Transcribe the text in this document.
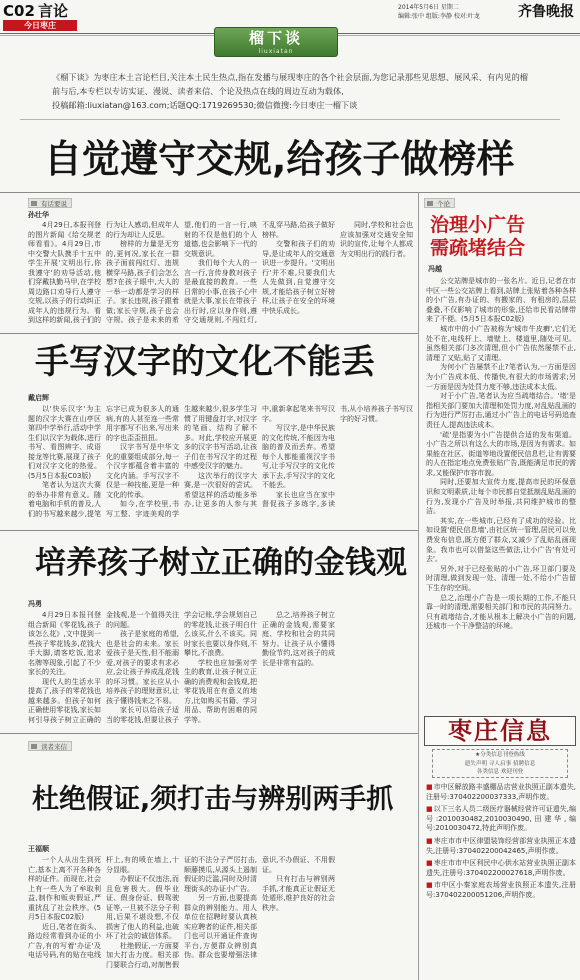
C02 言论
今日枣庄
2014年5月6日 星期二
编辑:张中 组版:李静 校对:叶龙	齐鲁晚报
榴下谈
liuxiatan
《榴下谈》为枣庄本土言论栏目,关注本土民生热点,指在发播与展现枣庄的各个社会层面,为您记录那些见思想、展风采、有内见的榴前与后,本专栏以专访实证、漫说、读者来信、个论及热点在线的周边互动为载体,
投稿邮箱:liuxiatan@163.com;话题QQ:1719269530;微信微搜:今日枣庄一榴下谈
自觉遵守交规,给孩子做榜样
有话要说
孙壮华

4月29日,本报刊登的图片新闻《给交规老师看看》。4月29日,市中交警大队携手十五中学生开展'文明出行,你我遵守'的劝导活动,他们穿戴执勤马甲,在学校周边路口劝导行人遵守交规,以孩子的行动纠正成年人的违规行为。看到这样的新闻,孩子们的行为让人感动,但成年人的行为却让人反思。

榜样的力量是无穷的,更何况,家长在一群孩子面前闯红灯、违规横穿马路,孩子们会怎么想?在孩子眼中,大人的一举一动都是学习的样子。家长违规,孩子跟着做;家长守规,孩子也会守规。孩子是未来的希望,他们的一言一行,映射的不仅是他们的个人道德,也会影响下一代的交规意识。

我们每个大人的一言一行,言传身教对孩子是最直接的教育。一些日常的小事,在孩子心中就是大事,家长在带孩子出行时,应以身作则,遵守交通规则,不闯红灯,不乱穿马路,给孩子做好榜样。

交警和孩子们的劝导,是让成年人的交通意识进一步提升。'文明出行'并不难,只要我们大人先做到,自觉遵守交规,才能给孩子树立好榜样,让孩子在安全的环境中快乐成长。

同时,学校和社会也应该加强对交通安全知识的宣传,让每个人都成为文明出行的践行者。

手写汉字的文化不能丢
戴启辉

以'快乐汉字'为主题的汉字大赛在山亭区第四中学举行,活动中学生们以汉字为载体,进行书写、看图辨字、成语接龙等比赛,展现了孩子们对汉字文化的热爱。(5月5日本报C03版)

笔者认为这次大赛的举办非常有意义。随着电脑和手机的普及,人们的书写越来越少,提笔忘字已成为很多人的通病,有的人甚至连一些常用字都写不出来,写出来的字也歪歪扭扭。

汉字书写是中华文化的重要组成部分,每一个汉字都蕴含着丰富的文化内涵。手写汉字不仅是一种技能,更是一种文化的传承。

如今,在学校里,书写工整、字迹美观的学生越来越少,很多学生习惯了用键盘打字,对汉字的笔画、结构了解不多。对此,学校应开展更多的汉字书写活动,让孩子们在书写汉字的过程中感受汉字的魅力。

这次举行的汉字大赛,是一次很好的尝试。希望这样的活动能多举办,让更多的人参与其中,重新拿起笔来书写汉字。

写汉字,是中华民族的文化传统,不能因为电脑的普及而丢弃。希望每个人都能重视汉字书写,让手写汉字的文化传承下去,手写汉字的文化不能丢。

家长也应当在家中督促孩子多练字,多读书,从小培养孩子书写汉字的好习惯。

培养孩子树立正确的金钱观
冯勇

4月29日本报刊登组合新闻《零花钱,孩子该怎么花》,文中提到一些孩子零花钱多,花钱大手大脚,请客吃饭,追求名牌等现象,引起了不少家长的关注。

现代人的生活水平提高了,孩子的零花钱也越来越多。但孩子如何正确使用零花钱,家长如何引导孩子树立正确的金钱观,是一个值得关注的问题。

孩子是家庭的希望,也是社会的未来。家长爱孩子是天性,但不能溺爱,对孩子的要求有求必应,会让孩子养成乱花钱的坏习惯。家长应从小培养孩子的理财意识,让孩子懂得钱来之不易。

家长可以给孩子适当的零花钱,但要让孩子学会记账,学会规划自己的零花钱,让孩子明白什么该买,什么不该买。同时家长也要以身作则,不攀比,不浪费。

学校也应加强对学生的教育,让孩子树立正确的消费观和金钱观,把零花钱用在有意义的地方,比如购买书籍、学习用品、帮助有困难的同学等。

总之,培养孩子树立正确的金钱观,需要家庭、学校和社会的共同努力。让孩子从小懂得勤俭节约,这对孩子的成长是非常有益的。

读者来信
杜绝假证,须打击与辨别两手抓
王福顺

一个人从出生到死亡,基本上离不开各种各样的证件。而现在,社会上有一些人为了牟取利益,制作和贩卖假证,严重扰乱了社会秩序。(5月5日本报C02版)

近日,笔者在街头、路边经常看到办证的小广告,有的写着'办证'及电话号码,有的贴在电线杆上,有的喷在墙上,十分显眼。

办假证不仅违法,而且危害极大。假毕业证、假身份证、假驾驶证等,一旦被不法分子利用,后果不堪设想,不仅损害了他人的利益,也破坏了社会的诚信体系。

杜绝假证,一方面要加大打击力度。相关部门要联合行动,对制售假证的不法分子严厉打击,顺藤摸瓜,从源头上遏制假证的泛滥,同时及时清理街头的办证小广告。

另一方面,也要提高群众的辨别能力。用人单位在招聘时要认真核实应聘者的证件,相关部门也可以开通证件查询平台,方便群众辨别真伪。群众也要增强法律意识,不办假证、不用假证。

只有打击与辨别两手抓,才能真正让假证无处遁形,维护良好的社会秩序。

个论
治理小广告
需疏堵结合
冯越

公交站牌是城市的一张名片。近日,记者在市中区一些公交站牌上看到,站牌上张贴着各种各样的小广告,有办证的、有搬家的、有租房的,层层叠叠,不仅影响了城市的形象,还给市民看站牌带来了不便。(5月5日本报C02版)

城市中的小广告被称为'城市牛皮癣',它们无处不在,电线杆上、墙壁上、楼道里,随处可见。虽然相关部门多次清理,但小广告依然屡禁不止,清理了又贴,贴了又清理。

为何小广告屡禁不止?笔者认为,一方面是因为小广告成本低、传播快,有很大的市场需求;另一方面是因为处罚力度不够,违法成本太低。

对于小广告,笔者认为应当疏堵结合。'堵'是指相关部门要加大清理和处罚力度,对乱贴乱画的行为进行严厉打击,通过小广告上的电话号码追查责任人,提高违法成本。

'疏'是指要为小广告提供合适的发布渠道。小广告之所以有这么大的市场,是因为有需求。如果能在社区、街道等地设置便民信息栏,让有需要的人在指定地点免费张贴广告,既能满足市民的需求,又能保护市容市貌。

同时,还要加大宣传力度,提高市民的环保意识和文明素质,让每个市民都自觉抵制乱贴乱画的行为,发现小广告及时举报,共同维护城市的整洁。

其实,在一些城市,已经有了成功的经验。比如设置'便民信息墙',由社区统一管理,居民可以免费发布信息,既方便了群众,又减少了乱贴乱画现象。我市也可以借鉴这些做法,让小广告'有处可去'。

另外,对于已经张贴的小广告,环卫部门要及时清理,做到发现一处、清理一处,不给小广告留下生存的空间。

总之,治理小广告是一项长期的工作,不能只靠一时的清理,需要相关部门和市民的共同努力。只有疏堵结合,才能从根本上解决小广告的问题,还城市一个干净整洁的环境。

枣庄信息
★分类信息刊登热线
遗失声明 寻人启事 招聘信息
各类信息 欢迎刊登
■市中区解放路丰盛棚品店营业执照正副本遗失,注册号:370402200037333,声明作废。
■以下三名人员二级医疗器械经营许可证遗失,编号:2010030482,2010030490,田建华,编号:2010030472,特此声明作废。
■枣庄市市中区律盟装饰经营部营业执照正本遗失,注册号:370402200042465,声明作废。
■枣庄市市中区利民中心供水站营业执照正副本遗失,注册号:370402200027618,声明作废。
■市中区小秦家庭农场营业执照正本遗失,注册号:370402200051206,声明作废。
